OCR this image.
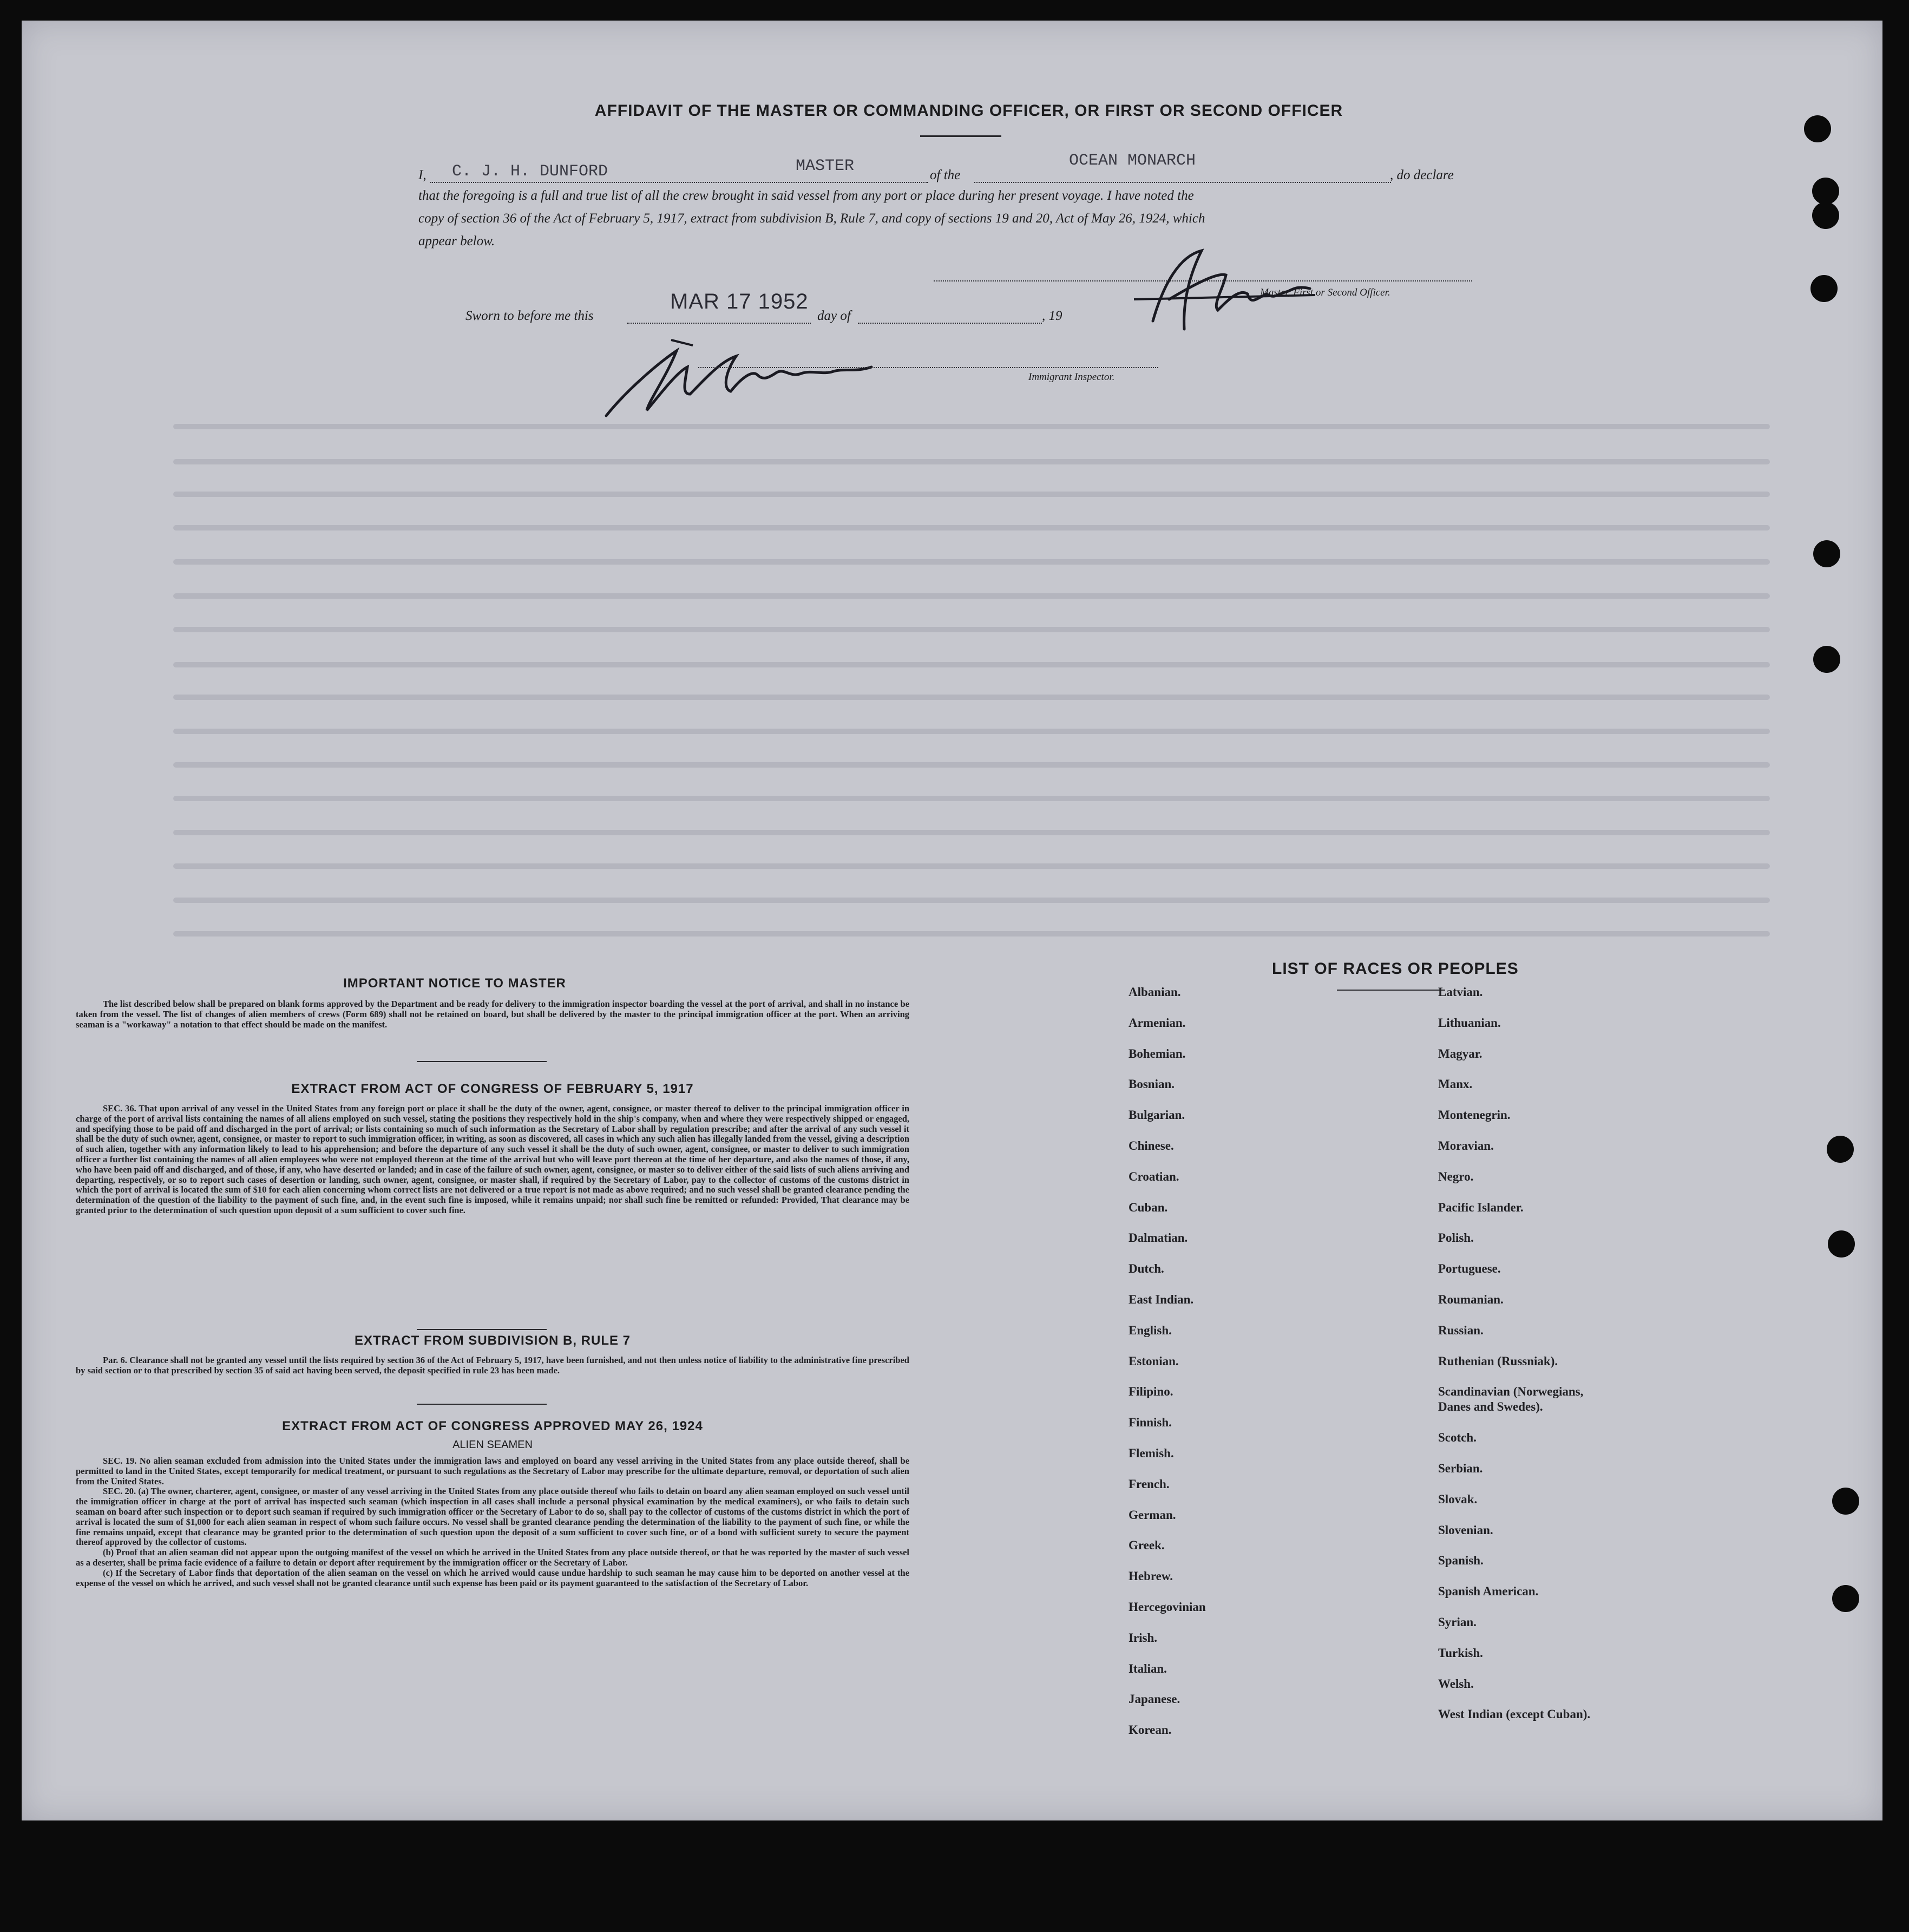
AFFIDAVIT OF THE MASTER OR COMMANDING OFFICER, OR FIRST OR SECOND OFFICER
I, C. J. H. DUNFORD	MASTER	of the
OCEAN MONARCH
, do declare
that the foregoing is a full and true list of all the crew brought in said vessel from any port or place during her present voyage. I have noted the
copy of section 36 of the Act of February 5, 1917, extract from subdivision B, Rule 7, and copy of sections 19 and 20, Act of May 26, 1924, which
appear below.
Master, First or Second Officer.
Sworn to before me this
MAR 17 1952
day of	, 19
Immigrant Inspector.
IMPORTANT NOTICE TO MASTER

The list described below shall be prepared on blank forms approved by the Department and be ready for delivery to the immigration inspector boarding the vessel at the port of arrival, and shall in no instance be taken from the vessel. The list of changes of alien members of crews (Form 689) shall not be retained on board, but shall be delivered by the master to the principal immigration officer at the port. When an arriving seaman is a "workaway" a notation to that effect should be made on the manifest.

EXTRACT FROM ACT OF CONGRESS OF FEBRUARY 5, 1917

SEC. 36. That upon arrival of any vessel in the United States from any foreign port or place it shall be the duty of the owner, agent, consignee, or master thereof to deliver to the principal immigration officer in charge of the port of arrival lists containing the names of all aliens employed on such vessel, stating the positions they respectively hold in the ship's company, when and where they were respectively shipped or engaged, and specifying those to be paid off and discharged in the port of arrival; or lists containing so much of such information as the Secretary of Labor shall by regulation prescribe; and after the arrival of any such vessel it shall be the duty of such owner, agent, consignee, or master to report to such immigration officer, in writing, as soon as discovered, all cases in which any such alien has illegally landed from the vessel, giving a description of such alien, together with any information likely to lead to his apprehension; and before the departure of any such vessel it shall be the duty of such owner, agent, consignee, or master to deliver to such immigration officer a further list containing the names of all alien employees who were not employed thereon at the time of the arrival but who will leave port thereon at the time of her departure, and also the names of those, if any, who have been paid off and discharged, and of those, if any, who have deserted or landed; and in case of the failure of such owner, agent, consignee, or master so to deliver either of the said lists of such aliens arriving and departing, respectively, or so to report such cases of desertion or landing, such owner, agent, consignee, or master shall, if required by the Secretary of Labor, pay to the collector of customs of the customs district in which the port of arrival is located the sum of $10 for each alien concerning whom correct lists are not delivered or a true report is not made as above required; and no such vessel shall be granted clearance pending the determination of the question of the liability to the payment of such fine, and, in the event such fine is imposed, while it remains unpaid; nor shall such fine be remitted or refunded: Provided, That clearance may be granted prior to the determination of such question upon deposit of a sum sufficient to cover such fine.

EXTRACT FROM SUBDIVISION B, RULE 7

Par. 6. Clearance shall not be granted any vessel until the lists required by section 36 of the Act of February 5, 1917, have been furnished, and not then unless notice of liability to the administrative fine prescribed by said section or to that prescribed by section 35 of said act having been served, the deposit specified in rule 23 has been made.

EXTRACT FROM ACT OF CONGRESS APPROVED MAY 26, 1924
ALIEN SEAMEN

SEC. 19. No alien seaman excluded from admission into the United States under the immigration laws and employed on board any vessel arriving in the United States from any place outside thereof, shall be permitted to land in the United States, except temporarily for medical treatment, or pursuant to such regulations as the Secretary of Labor may prescribe for the ultimate departure, removal, or deportation of such alien from the United States.

SEC. 20. (a) The owner, charterer, agent, consignee, or master of any vessel arriving in the United States from any place outside thereof who fails to detain on board any alien seaman employed on such vessel until the immigration officer in charge at the port of arrival has inspected such seaman (which inspection in all cases shall include a personal physical examination by the medical examiners), or who fails to detain such seaman on board after such inspection or to deport such seaman if required by such immigration officer or the Secretary of Labor to do so, shall pay to the collector of customs of the customs district in which the port of arrival is located the sum of $1,000 for each alien seaman in respect of whom such failure occurs. No vessel shall be granted clearance pending the determination of the liability to the payment of such fine, or while the fine remains unpaid, except that clearance may be granted prior to the determination of such question upon the deposit of a sum sufficient to cover such fine, or of a bond with sufficient surety to secure the payment thereof approved by the collector of customs.

(b) Proof that an alien seaman did not appear upon the outgoing manifest of the vessel on which he arrived in the United States from any place outside thereof, or that he was reported by the master of such vessel as a deserter, shall be prima facie evidence of a failure to detain or deport after requirement by the immigration officer or the Secretary of Labor.

(c) If the Secretary of Labor finds that deportation of the alien seaman on the vessel on which he arrived would cause undue hardship to such seaman he may cause him to be deported on another vessel at the expense of the vessel on which he arrived, and such vessel shall not be granted clearance until such expense has been paid or its payment guaranteed to the satisfaction of the Secretary of Labor.

LIST OF RACES OR PEOPLES
Albanian.
Armenian.
Bohemian.
Bosnian.
Bulgarian.
Chinese.
Croatian.
Cuban.
Dalmatian.
Dutch.
East Indian.
English.
Estonian.
Filipino.
Finnish.
Flemish.
French.
German.
Greek.
Hebrew.
Hercegovinian
Irish.
Italian.
Japanese.
Korean.
Latvian.
Lithuanian.
Magyar.
Manx.
Montenegrin.
Moravian.
Negro.
Pacific Islander.
Polish.
Portuguese.
Roumanian.
Russian.
Ruthenian (Russniak).
Scandinavian (Norwegians,
Danes and Swedes).
Scotch.
Serbian.
Slovak.
Slovenian.
Spanish.
Spanish American.
Syrian.
Turkish.
Welsh.
West Indian (except Cuban).
